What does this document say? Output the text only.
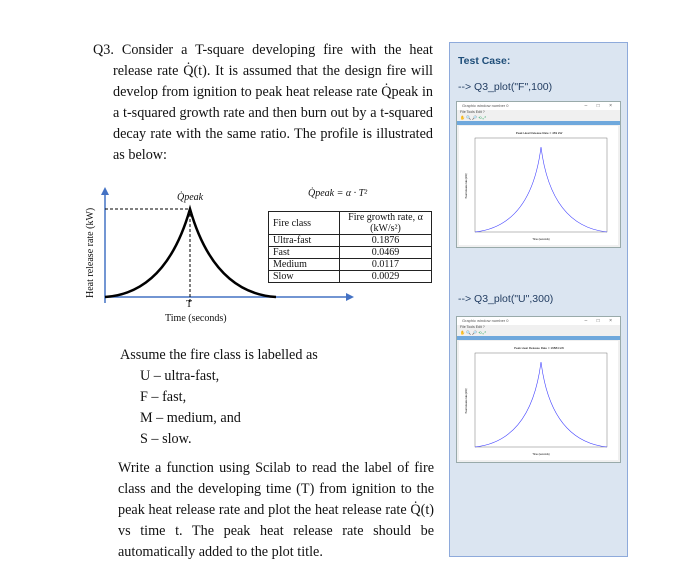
Q3. Consider a T-square developing fire with the heat release rate Q̇(t). It is assumed that the design fire will develop from ignition to peak heat release rate Q̇peak in a t-squared growth rate and then burn out by a t-squared decay rate with the same ratio. The profile is illustrated as below:

Q̇peak
Heat release rate (kW)
T
Time (seconds)
Q̇peak = α · T²
Fire class	Fire growth rate, α (kW/s²)
Ultra-fast	0.1876
Fast	0.0469
Medium	0.0117
Slow	0.0029
Assume the fire class is labelled as
U – ultra-fast,
F – fast,
M – medium, and
S – slow.
Write a function using Scilab to read the label of fire class and the developing time (T) from ignition to the peak heat release rate and plot the heat release rate Q̇(t) vs time t. The peak heat release rate should be automatically added to the plot title.
Test Case:
--> Q3_plot("F",100)
Graphic window number 0	– □ ×
File Tools Edit ?
✋ 🔍 🔎 ⟲ ⤢
Peak Heat Release Rate = 469 kW
Time (seconds)
Heat release rate (kW)
--> Q3_plot("U",300)
Graphic window number 0	– □ ×
File Tools Edit ?
✋ 🔍 🔎 ⟲ ⤢
Peak Heat Release Rate = 16884 kW
Time (seconds)
Heat release rate (kW)
